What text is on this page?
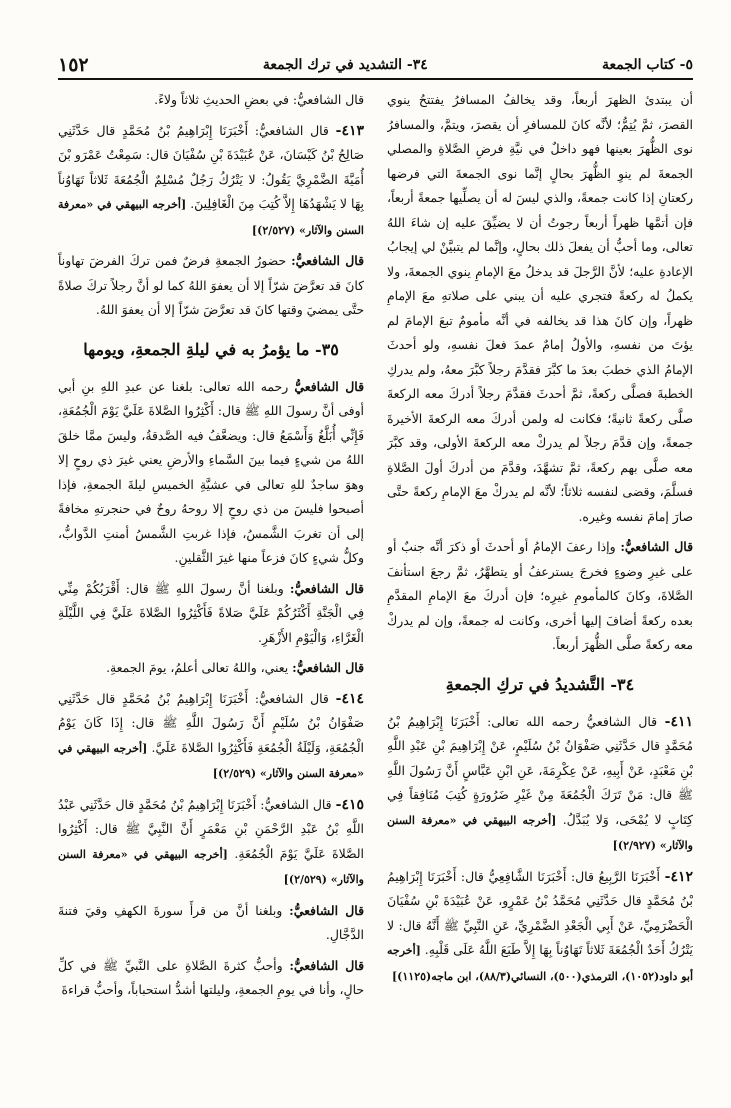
٥- كتاب الجمعة
٣٤- التشديد في ترك الجمعة
١٥٢

أن يبتدئ الظهرَ أربعاً، وقد يخالفُ المسافرُ يفتتحُ ينوي القصرَ، ثمَّ يُتِمُّ؛ لأنَّه كانَ للمسافرِ أن يقصرَ، ويتمَّ، والمسافرُ نوى الظُّهرَ بعينها فهو داخلٌ في نيَّةِ فرضِ الصَّلاةِ والمصلي الجمعةَ لم ينوِ الظُّهرَ بحالٍ إنَّما نوى الجمعةَ التي فرضها ركعتانِ إذا كانت جمعةً، والذي ليسَ له أن يصلِّيها جمعةً أربعاً، فإن أتمَّها ظهراً أربعاً رجوتُ أن لا يضيِّقَ عليه إن شاءَ اللهُ تعالى، وما أحبُّ أن يفعلَ ذلك بحالٍ، وإنَّما لم يتبيَّنْ لي إيجابُ الإعادةِ عليه؛ لأنَّ الرَّجلَ قد يدخلُ معَ الإمامِ ينوي الجمعةَ، ولا يكملُ له ركعةً فتجري عليه أن يبني على صلاتهِ معَ الإمامِ ظهراً، وإن كانَ هذا قد يخالفه في أنَّه مأمومٌ تبعَ الإمامَ لم يؤتَ من نفسهِ، والأولُ إمامٌ عمدَ فعلَ نفسهِ، ولو أحدثَ الإمامُ الذي خطبَ بعدَ ما كبَّرَ فقدَّمَ رجلاً كبَّرَ معهُ، ولم يدركِ الخطبةَ فصلَّى ركعةً، ثمَّ أحدثَ فقدَّمَ رجلاً أدركَ معه الركعةَ صلَّى ركعةً ثانيةً؛ فكانت له ولمن أدركَ معه الركعةَ الأخيرةَ جمعةً، وإن قدَّمَ رجلاً لم يدركْ معه الركعةَ الأولى، وقد كبَّرَ معه صلَّى بهم ركعةً، ثمَّ تشهَّدَ، وقدَّمَ من أدركَ أولَ الصَّلاةِ فسلَّمَ، وقضى لنفسه ثلاثاً؛ لأنَّه لم يدركْ معَ الإمامِ ركعةً حتَّى صارَ إمامَ نفسه وغيره.

قال الشافعيُّ: وإذا رعفَ الإمامُ أو أحدثَ أو ذكرَ أنَّه جنبٌ أو على غيرِ وضوءٍ فخرجَ يسترعفُ أو يتطهَّرُ، ثمَّ رجعَ استأنفَ الصَّلاةَ، وكانَ كالمأمومِ غيرِه؛ فإن أدركَ معَ الإمامِ المقدَّمِ بعده ركعةً أضافَ إليها أخرى، وكانت له جمعةً، وإن لم يدركْ معه ركعةً صلَّى الظُّهرَ أربعاً.

٣٤- التَّشديدُ في تركِ الجمعةِ

٤١١- قال الشافعيُّ رحمه الله تعالى: أَخْبَرَنَا إِبْرَاهِيمُ بْنُ مُحَمَّدٍ قال حَدَّثَنِي صَفْوَانُ بْنُ سُلَيْمٍ، عَنْ إِبْرَاهِيمَ بْنِ عَبْدِ اللَّهِ بْنِ مَعْبَدٍ، عَنْ أَبِيهِ، عَنْ عِكْرِمَةَ، عَنِ ابْنِ عَبَّاسٍ أَنَّ رَسُولَ اللَّهِ ﷺ قال: مَنْ تَرَكَ الْجُمُعَةَ مِنْ غَيْرِ ضَرُورَةٍ كُتِبَ مُنَافِقاً فِي كِتَابٍ لا يُمْحَى، وَلا يُبَدَّلُ. [أخرجه البيهقي في «معرفة السنن والآثار» (٢/٩٢٧)]

٤١٢- أَخْبَرَنَا الرَّبِيعُ قال: أَخْبَرَنَا الشَّافِعِيُّ قال: أَخْبَرَنَا إِبْرَاهِيمُ بْنُ مُحَمَّدٍ قال حَدَّثَنِي مُحَمَّدُ بْنُ عَمْرٍو، عَنْ عُبَيْدَةَ بْنِ سُفْيَانَ الْحَضْرَمِيِّ، عَنْ أَبِي الْجَعْدِ الضَّمْرِيِّ، عَنِ النَّبِيِّ ﷺ أَنَّهُ قال: لا يَتْرُكُ أَحَدٌ الْجُمُعَةَ ثَلاثاً تَهَاوُناً بِهَا إِلاَّ طَبَعَ اللَّهُ عَلَى قَلْبِهِ. [أخرجه أبو داود(١٠٥٢)، الترمذي(٥٠٠)، النسائي(٨٨/٣)، ابن ماجه(١١٢٥)]

قال الشافعيُّ: في بعضِ الحديثِ ثلاثاً ولاءً.

٤١٣- قال الشافعيُّ: أَخْبَرَنَا إِبْرَاهِيمُ بْنُ مُحَمَّدٍ قال حَدَّثَنِي صَالِحُ بْنُ كَيْسَانَ، عَنْ عُبَيْدَةَ بْنِ سُفْيَانَ قال: سَمِعْتُ عَمْرَو بْنَ أُمَيَّةَ الضَّمْرِيَّ يَقُولُ: لا يَتْرُكُ رَجُلٌ مُسْلِمٌ الْجُمُعَةَ ثَلاثاً تَهَاوُناً بِهَا لا يَشْهَدُهَا إِلاَّ كُتِبَ مِنَ الْغَافِلِينَ. [أخرجه البيهقي في «معرفة السنن والآثار» (٢/٥٢٧)]

قال الشافعيُّ: حضورُ الجمعةِ فرضٌ فمن تركَ الفرضَ تهاوناً كانَ قد تعرَّضَ شرّاً إلا أن يعفوَ اللهُ كما لو أنَّ رجلاً تركَ صلاةً حتَّى يمضيَ وقتها كانَ قد تعرَّضَ شرّاً إلا أن يعفوَ اللهُ.

٣٥- ما يؤمرُ به في ليلةِ الجمعةِ، ويومها

قال الشافعيُّ رحمه الله تعالى: بلغنا عن عبدِ اللهِ بنِ أبي أوفى أنَّ رسولَ اللهِ ﷺ قال: أَكْثِرُوا الصَّلاةَ عَلَيَّ يَوْمَ الْجُمُعَةِ، فَإِنِّي أُبَلَّغُ وَأَسْمَعُ قال: ويضعَّفُ فيه الصَّدقةُ، وليسَ ممَّا خلقَ اللهُ من شيءٍ فيما بينَ السَّماءِ والأرضِ يعني غيرَ ذي روحٍ إلا وهوَ ساجدٌ للهِ تعالى في عشيَّةِ الخميسِ ليلةَ الجمعةِ، فإذا أصبحوا فليسَ من ذي روحٍ إلا روحهُ روحٌ في حنجرتهِ مخافةً إلى أن تغربَ الشَّمسُ، فإذا غربتِ الشَّمسُ أمنتِ الدَّوابُّ، وكلُّ شيءٍ كانَ فزعاً منها غيرَ الثَّقلينِ.

قال الشافعيُّ: وبلغنا أنَّ رسولَ اللهِ ﷺ قال: أَقْرَبُكُمْ مِنِّي فِي الْجَنَّةِ أَكْثَرُكُمْ عَلَيَّ صَلاةً فَأَكْثِرُوا الصَّلاةَ عَلَيَّ فِي اللَّيْلَةِ الْغَرَّاءِ، وَالْيَوْمِ الأَزْهَرِ.

قال الشافعيُّ: يعني، واللهُ تعالى أعلمُ، يومَ الجمعةِ.

٤١٤- قال الشافعيُّ: أَخْبَرَنَا إِبْرَاهِيمُ بْنُ مُحَمَّدٍ قال حَدَّثَنِي صَفْوَانُ بْنُ سُلَيْمٍ أَنَّ رَسُولَ اللَّهِ ﷺ قال: إِذَا كَانَ يَوْمُ الْجُمُعَةِ، وَلَيْلَةُ الْجُمُعَةِ فَأَكْثِرُوا الصَّلاةَ عَلَيَّ. [أخرجه البيهقي في «معرفة السنن والآثار» (٢/٥٢٩)]

٤١٥- قال الشافعيُّ: أَخْبَرَنَا إِبْرَاهِيمُ بْنُ مُحَمَّدٍ قال حَدَّثَنِي عَبْدُ اللَّهِ بْنُ عَبْدِ الرَّحْمَنِ بْنِ مَعْمَرٍ أَنَّ النَّبِيَّ ﷺ قال: أَكْثِرُوا الصَّلاةَ عَلَيَّ يَوْمَ الْجُمُعَةِ. [أخرجه البيهقي في «معرفة السنن والآثار» (٢/٥٢٩)]

قال الشافعيُّ: وبلغنا أنَّ من قرأَ سورةَ الكهفِ وقيَ فتنةَ الدَّجَّالِ.

قال الشافعيُّ: وأحبُّ كثرةَ الصَّلاةِ على النَّبيِّ ﷺ في كلِّ حالٍ، وأنا في يومِ الجمعةِ، وليلتها أشدُّ استحباباً، وأحبُّ قراءةَ
